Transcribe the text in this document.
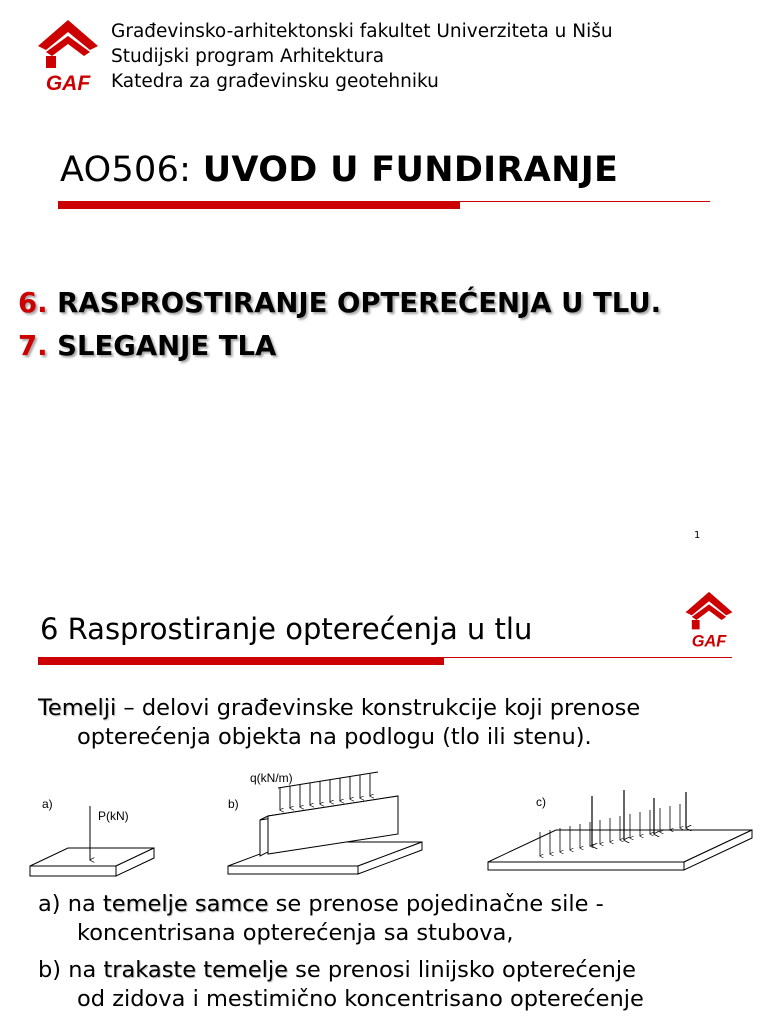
GAF
Građevinsko-arhitektonski fakultet Univerziteta u Nišu
Studijski program Arhitektura
Katedra za građevinsku geotehniku
AO506: UVOD U FUNDIRANJE
6. RASPROSTIRANJE OPTEREĆENJA U TLU.
7. SLEGANJE TLA
1
GAF
6 Rasprostiranje opterećenja u tlu
Temelji – delovi građevinske konstrukcije koji prenose
opterećenja objekta na podlogu (tlo ili stenu).
a)
P(kN)
b)
q(kN/m)
c)
a) na temelje samce se prenose pojedinačne sile -
koncentrisana opterećenja sa stubova,
b) na trakaste temelje se prenosi linijsko opterećenje
od zidova i mestimično koncentrisano opterećenje
